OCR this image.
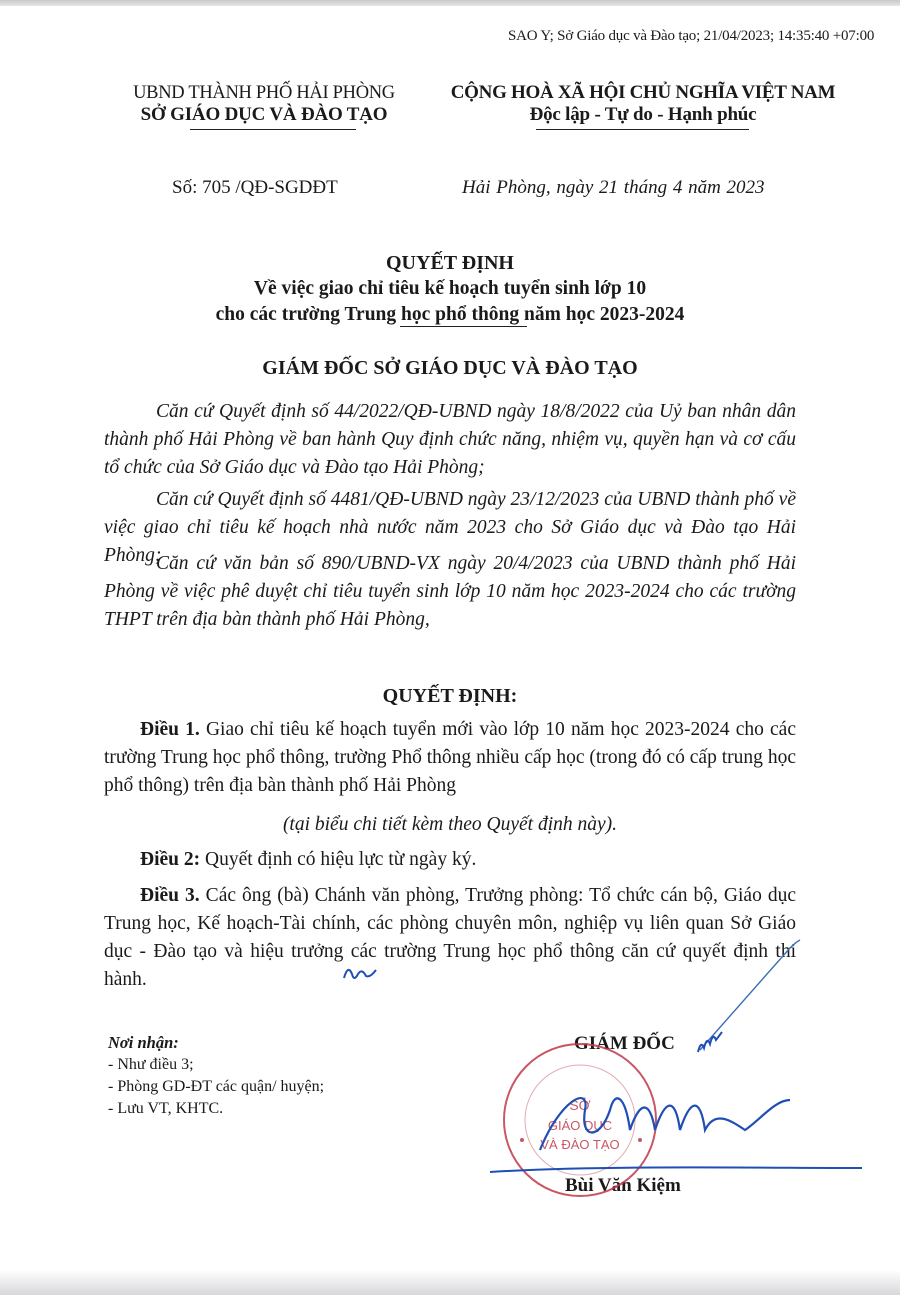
SAO Y; Sở Giáo dục và Đào tạo; 21/04/2023; 14:35:40 +07:00
UBND THÀNH PHỐ HẢI PHÒNG
SỞ GIÁO DỤC VÀ ĐÀO TẠO
CỘNG HOÀ XÃ HỘI CHỦ NGHĨA VIỆT NAM
Độc lập - Tự do - Hạnh phúc
Số: 705 /QĐ-SGDĐT	Hải Phòng, ngày 21 tháng 4 năm 2023
QUYẾT ĐỊNH
Về việc giao chỉ tiêu kế hoạch tuyển sinh lớp 10
cho các trường Trung học phổ thông năm học 2023-2024
GIÁM ĐỐC SỞ GIÁO DỤC VÀ ĐÀO TẠO
Căn cứ Quyết định số 44/2022/QĐ-UBND ngày 18/8/2022 của Uỷ ban nhân dân thành phố Hải Phòng về ban hành Quy định chức năng, nhiệm vụ, quyền hạn và cơ cấu tổ chức của Sở Giáo dục và Đào tạo Hải Phòng;
Căn cứ Quyết định số 4481/QĐ-UBND ngày 23/12/2023 của UBND thành phố về việc giao chỉ tiêu kế hoạch nhà nước năm 2023 cho Sở Giáo dục và Đào tạo Hải Phòng;
Căn cứ văn bản số 890/UBND-VX ngày 20/4/2023 của UBND thành phố Hải Phòng về việc phê duyệt chỉ tiêu tuyển sinh lớp 10 năm học 2023-2024 cho các trường THPT trên địa bàn thành phố Hải Phòng,
QUYẾT ĐỊNH:
Điều 1. Giao chỉ tiêu kế hoạch tuyển mới vào lớp 10 năm học 2023-2024 cho các trường Trung học phổ thông, trường Phổ thông nhiều cấp học (trong đó có cấp trung học phổ thông) trên địa bàn thành phố Hải Phòng
(tại biểu chi tiết kèm theo Quyết định này).
Điều 2: Quyết định có hiệu lực từ ngày ký.
Điều 3. Các ông (bà) Chánh văn phòng, Trưởng phòng: Tổ chức cán bộ, Giáo dục Trung học, Kế hoạch-Tài chính, các phòng chuyên môn, nghiệp vụ liên quan Sở Giáo dục - Đào tạo và hiệu trưởng các trường Trung học phổ thông căn cứ quyết định thi hành.
Nơi nhận:
- Như điều 3;
- Phòng GD-ĐT các quận/ huyện;
- Lưu VT, KHTC.
GIÁM ĐỐC
Bùi Văn Kiệm
SỞ
GIÁO DỤC
VÀ ĐÀO TẠO
